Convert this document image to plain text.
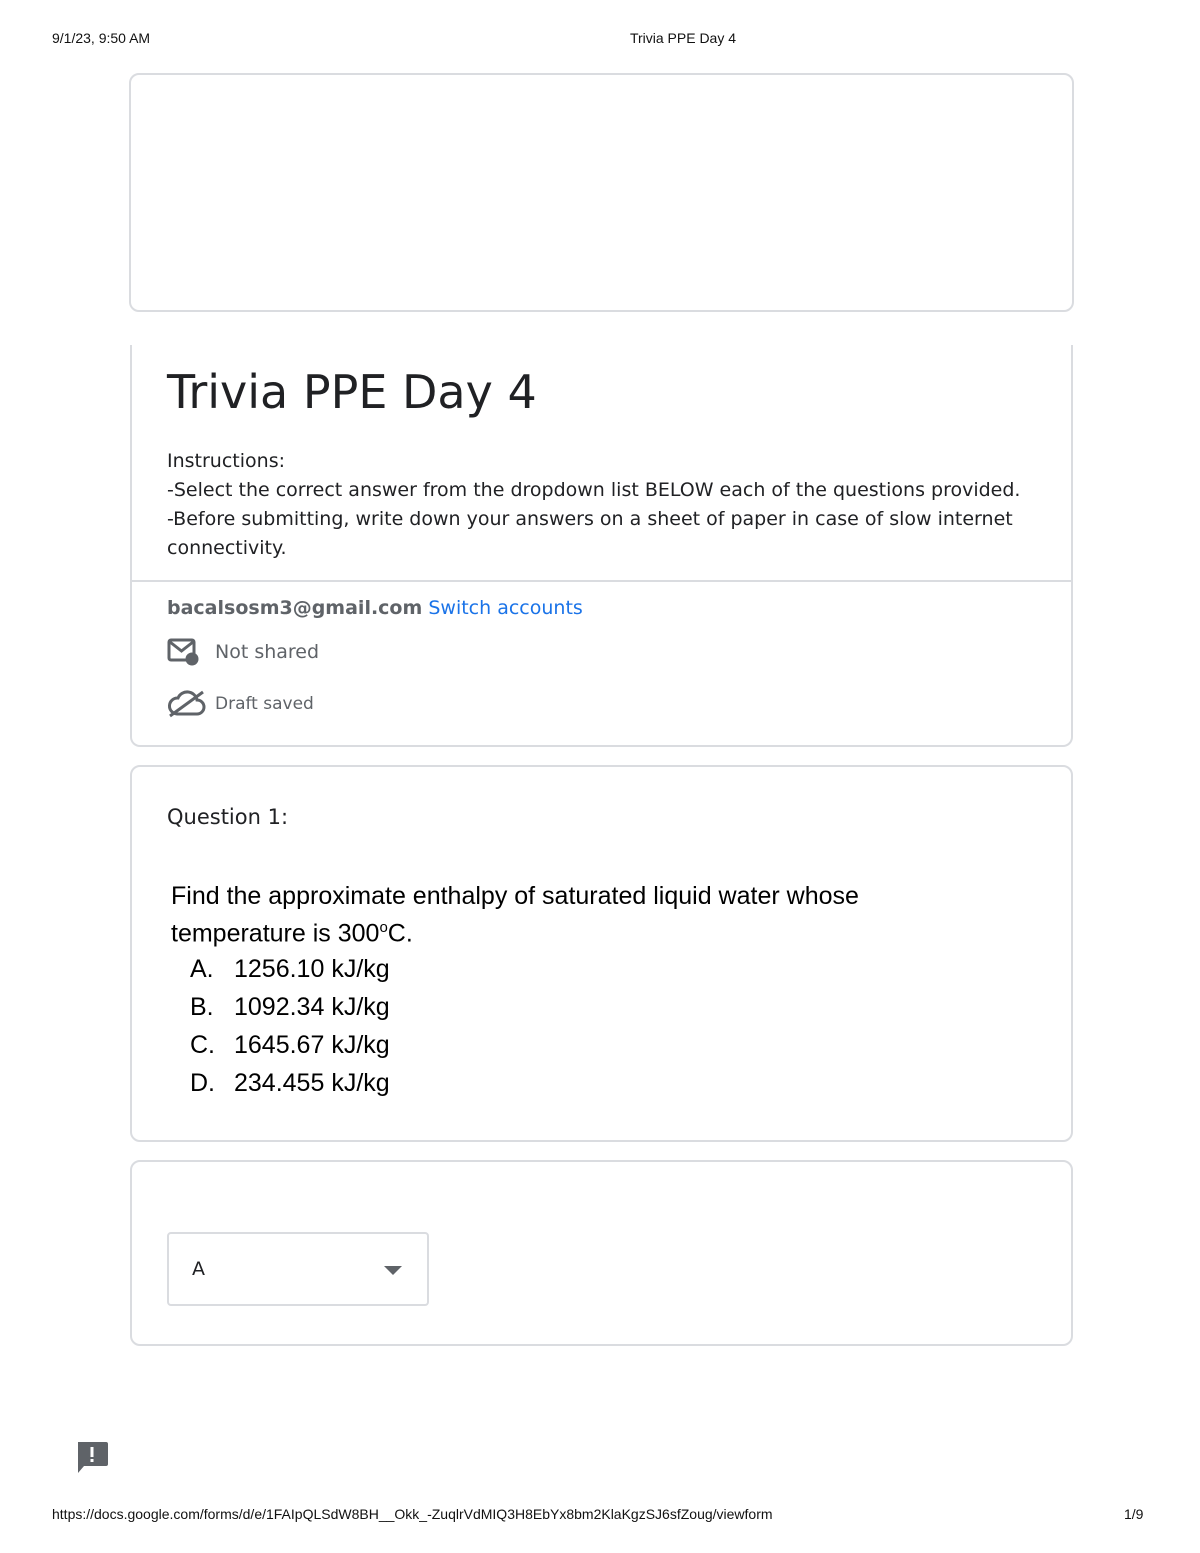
9/1/23, 9:50 AM	Trivia PPE Day 4
Trivia PPE Day 4
Instructions:
-Select the correct answer from the dropdown list BELOW each of the questions provided.
-Before submitting, write down your answers on a sheet of paper in case of slow internet
connectivity.
bacalsosm3@gmail.com Switch accounts
Not shared
Draft saved
Question 1:
Find the approximate enthalpy of saturated liquid water whose
temperature is 300$^o$C.
A. 1256.10 kJ/kg
B. 1092.34 kJ/kg
C. 1645.67 kJ/kg
D. 234.455 kJ/kg
A
https://docs.google.com/forms/d/e/1FAIpQLSdW8BH__Okk_-ZuqlrVdMIQ3H8EbYx8bm2KlaKgzSJ6sfZoug/viewform	1/9
